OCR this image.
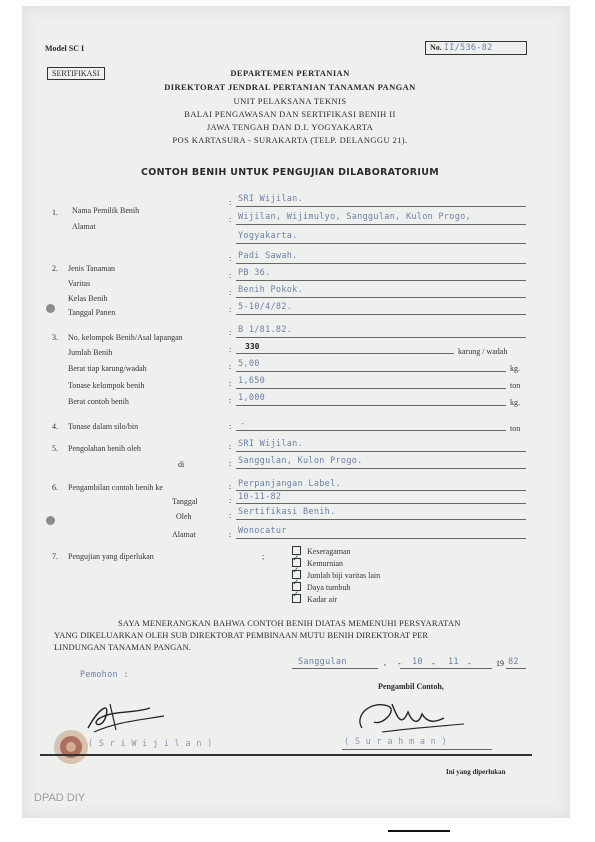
Model SC I	No. II/536-82
SERTIFIKASI	DEPARTEMEN PERTANIAN
DIREKTORAT JENDRAL PERTANIAN TANAMAN PANGAN
UNIT PELAKSANA TEKNIS
BALAI PENGAWASAN DAN SERTIFIKASI BENIH II
JAWA TENGAH DAN D.I. YOGYAKARTA
POS KARTASURA - SURAKARTA (TELP. DELANGGU 21).
CONTOH BENIH UNTUK PENGUJIAN DILABORATORIUM
1. Nama Pemilik Benih
: SRI Wijilan.
Alamat
: Wijilan, Wijimulyo, Sanggulan, Kulon Progo,
Yogyakarta.
2. Jenis Tanaman
: Padi Sawah.
Varitas
: PB 36.
Kelas Benih
: Benih Pokok.
Tanggal Panen	: 5-10/4/82.
3. No. kelompok Benih/Asal lapangan
: B 1/81.82.
Jumlah Benih	: 330
karung / wadah
Berat tiap karung/wadah	: 5,00	kg.
Tonase kelompok benih	: 1,650	ton
Berat contoh benih	: 1,000	kg.
4. Tonase dalam silo/bin	: -	ton
5. Pengolahan benih oleh	: SRI Wijilan.
di	: Sanggulan, Kulon Progo.
6. Pengambilan contoh benih ke	: Perpanjangan Label.
Tanggal	: 10-11-82
Oleh	: Sertifikasi Benih.
Alamat	: Wonocatur
7. Pengujian yang diperlukan	;
Keseragaman
✓Kemurnian
✓Jumlah biji varitas lain
✓Daya tumbuh
✓Kadar air
SAYA MENERANGKAN BAHWA CONTOH BENIH DIATAS MEMENUHI PERSYARATAN
YANG DIKELUARKAN OLEH SUB DIREKTORAT PEMBINAAN MUTU BENIH DIREKTORAT PER
LINDUNGAN TANAMAN PANGAN.
Sanggulan	, - 10 - 11 -	19 82
Pemohon :
Pengambil Contoh,
( S r i W i j i l a n )	( S u r a h m a n )
Ini yang diperlukan
DPAD DIY
